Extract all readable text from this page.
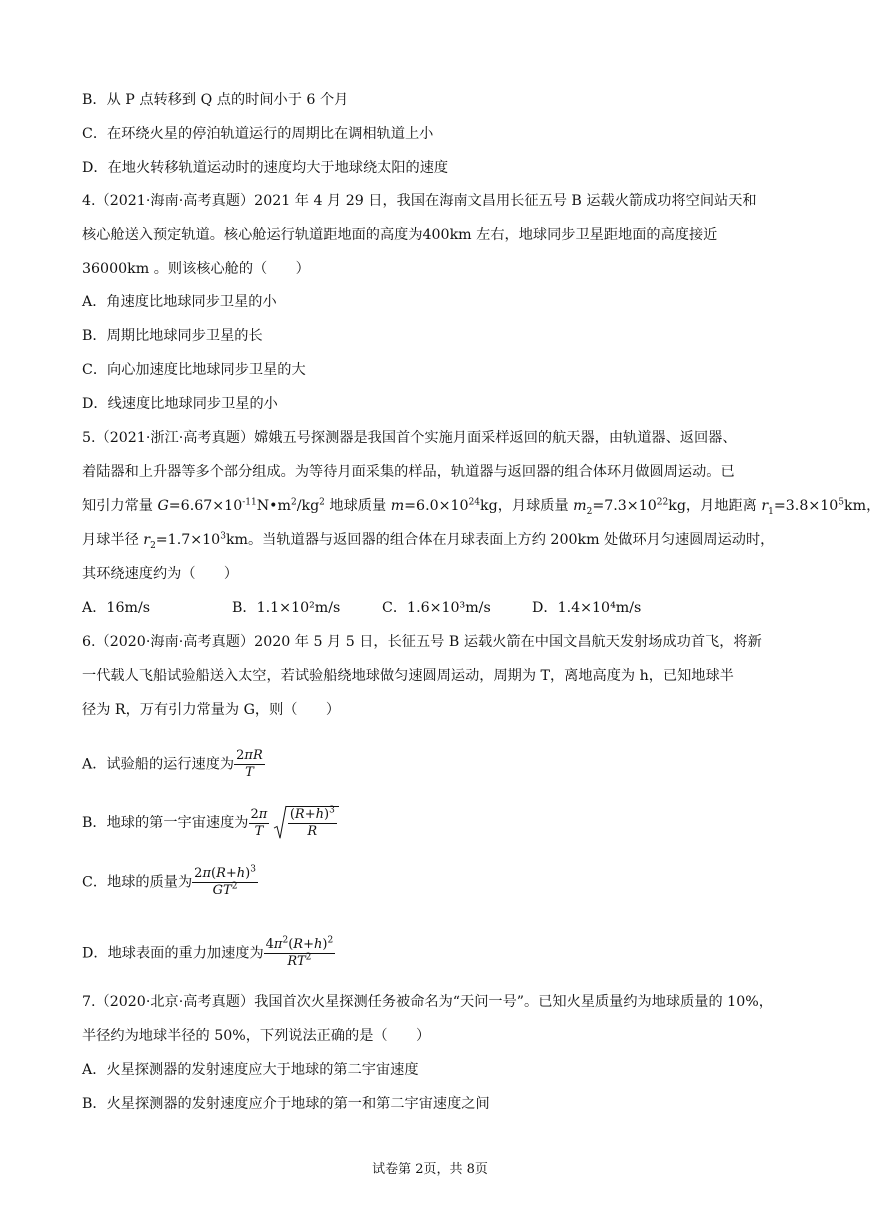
B．从 P 点转移到 Q 点的时间小于 6 个月
C．在环绕火星的停泊轨道运行的周期比在调相轨道上小
D．在地火转移轨道运动时的速度均大于地球绕太阳的速度
4.（2021·海南·高考真题）2021 年 4 月 29 日，我国在海南文昌用长征五号 B 运载火箭成功将空间站天和
核心舱送入预定轨道。核心舱运行轨道距地面的高度为400km 左右，地球同步卫星距地面的高度接近
36000km 。则该核心舱的（　　）
A．角速度比地球同步卫星的小
B．周期比地球同步卫星的长
C．向心加速度比地球同步卫星的大
D．线速度比地球同步卫星的小
5.（2021·浙江·高考真题）嫦娥五号探测器是我国首个实施月面采样返回的航天器，由轨道器、返回器、
着陆器和上升器等多个部分组成。为等待月面采集的样品，轨道器与返回器的组合体环月做圆周运动。已
知引力常量 $G=6.67\times 10^{-11}N•m^2/kg^2$ 地球质量 $m=6.0\times 10^{24}kg$，月球质量 $m_2=7.3\times 10^{22}kg$，月地距离 $r_1=3.8\times 10^5km$，
月球半径 $r_2=1.7\times 10^3km$。当轨道器与返回器的组合体在月球表面上方约 200km 处做环月匀速圆周运动时，
其环绕速度约为（　　）
A．16m/s	B．1.1×10²m/s	C．1.6×10³m/s	D．1.4×10⁴m/s
6.（2020·海南·高考真题）2020 年 5 月 5 日，长征五号 B 运载火箭在中国文昌航天发射场成功首飞，将新
一代载人飞船试验船送入太空，若试验船绕地球做匀速圆周运动，周期为 T，离地高度为 h，已知地球半
径为 R，万有引力常量为 G，则（　　）
A．试验船的运行速度为 $\frac{2\pi R}{T}$
B．地球的第一宇宙速度为 $\frac{2\pi}{T}$
$\frac{(R+h)^3}{R}$
C．地球的质量为 $\frac{2\pi(R+h)^3}{GT^2}$
D．地球表面的重力加速度为 $\frac{4\pi^2(R+h)^2}{RT^2}$
7.（2020·北京·高考真题）我国首次火星探测任务被命名为“天问一号”。已知火星质量约为地球质量的 10%，
半径约为地球半径的 50%，下列说法正确的是（　　）
A．火星探测器的发射速度应大于地球的第二宇宙速度
B．火星探测器的发射速度应介于地球的第一和第二宇宙速度之间
试卷第 2页，共 8页
